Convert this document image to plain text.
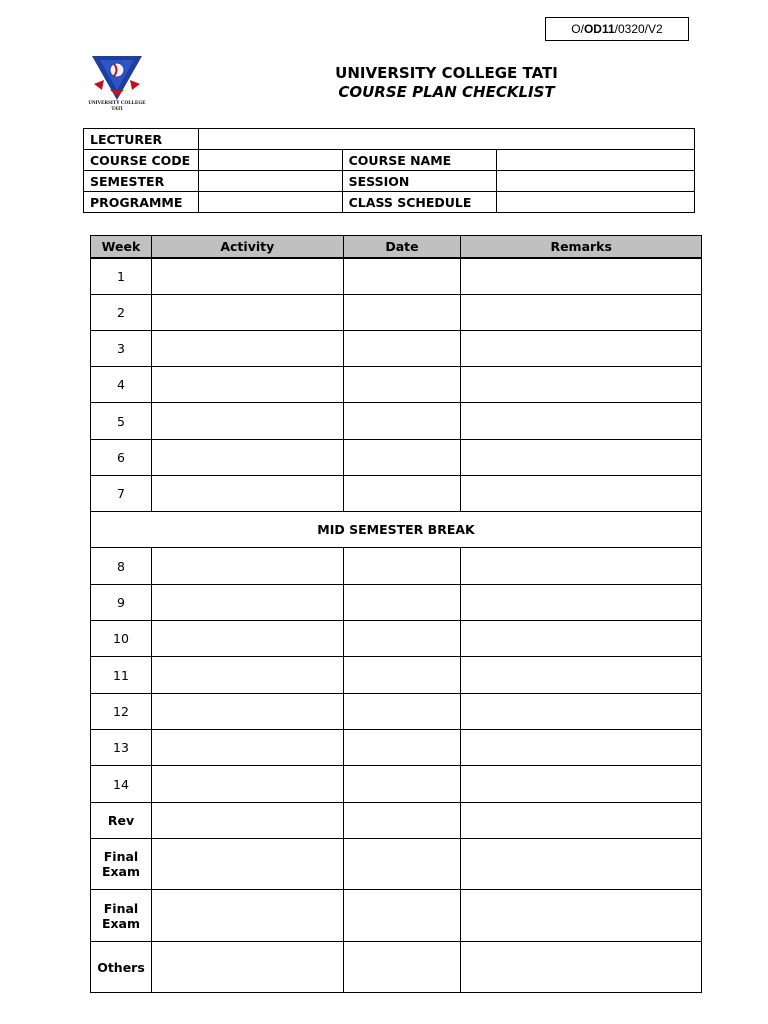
O/ OD11 /0320/V2
UNIVERSITY COLLEGE
TATI
UNIVERSITY COLLEGE TATI
COURSE PLAN CHECKLIST
LECTURER			
COURSE CODE		COURSE NAME	
SEMESTER		SESSION	
PROGRAMME		CLASS SCHEDULE	
Week	Activity	Date	Remarks
1			
2			
3			
4			
5			
6			
7			
MID SEMESTER BREAK			
8			
9			
10			
11			
12			
13			
14			
Rev			
Final Exam			
Final Exam			
Others			
